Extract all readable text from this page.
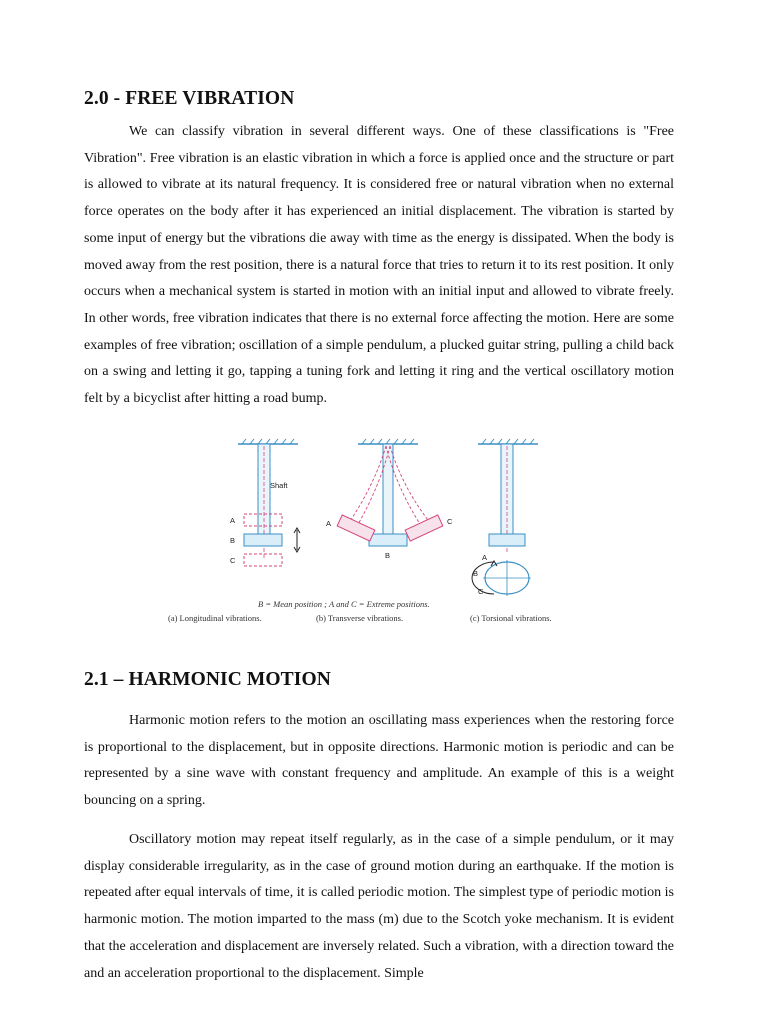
2.0 - FREE VIBRATION

We can classify vibration in several different ways. One of these classifications is "Free Vibration". Free vibration is an elastic vibration in which a force is applied once and the structure or part is allowed to vibrate at its natural frequency. It is considered free or natural vibration when no external force operates on the body after it has experienced an initial displacement. The vibration is started by some input of energy but the vibrations die away with time as the energy is dissipated. When the body is moved away from the rest position, there is a natural force that tries to return it to its rest position. It only occurs when a mechanical system is started in motion with an initial input and allowed to vibrate freely. In other words, free vibration indicates that there is no external force affecting the motion. Here are some examples of free vibration; oscillation of a simple pendulum, a plucked guitar string, pulling a child back on a swing and letting it go, tapping a tuning fork and letting it ring and the vertical oscillatory motion felt by a bicyclist after hitting a road bump.

Shaft
A
B
C
A
B
C
A
B
C
B = Mean position ; A and C = Extreme positions.
(a) Longitudinal vibrations.	(b) Transverse vibrations.	(c) Torsional vibrations.
2.1 – HARMONIC MOTION

Harmonic motion refers to the motion an oscillating mass experiences when the restoring force is proportional to the displacement, but in opposite directions. Harmonic motion is periodic and can be represented by a sine wave with constant frequency and amplitude. An example of this is a weight bouncing on a spring.

Oscillatory motion may repeat itself regularly, as in the case of a simple pendulum, or it may display considerable irregularity, as in the case of ground motion during an earthquake. If the motion is repeated after equal intervals of time, it is called periodic motion. The simplest type of periodic motion is harmonic motion. The motion imparted to the mass (m) due to the Scotch yoke mechanism. It is evident that the acceleration and displacement are inversely related. Such a vibration, with a direction toward the and an acceleration proportional to the displacement. Simple
